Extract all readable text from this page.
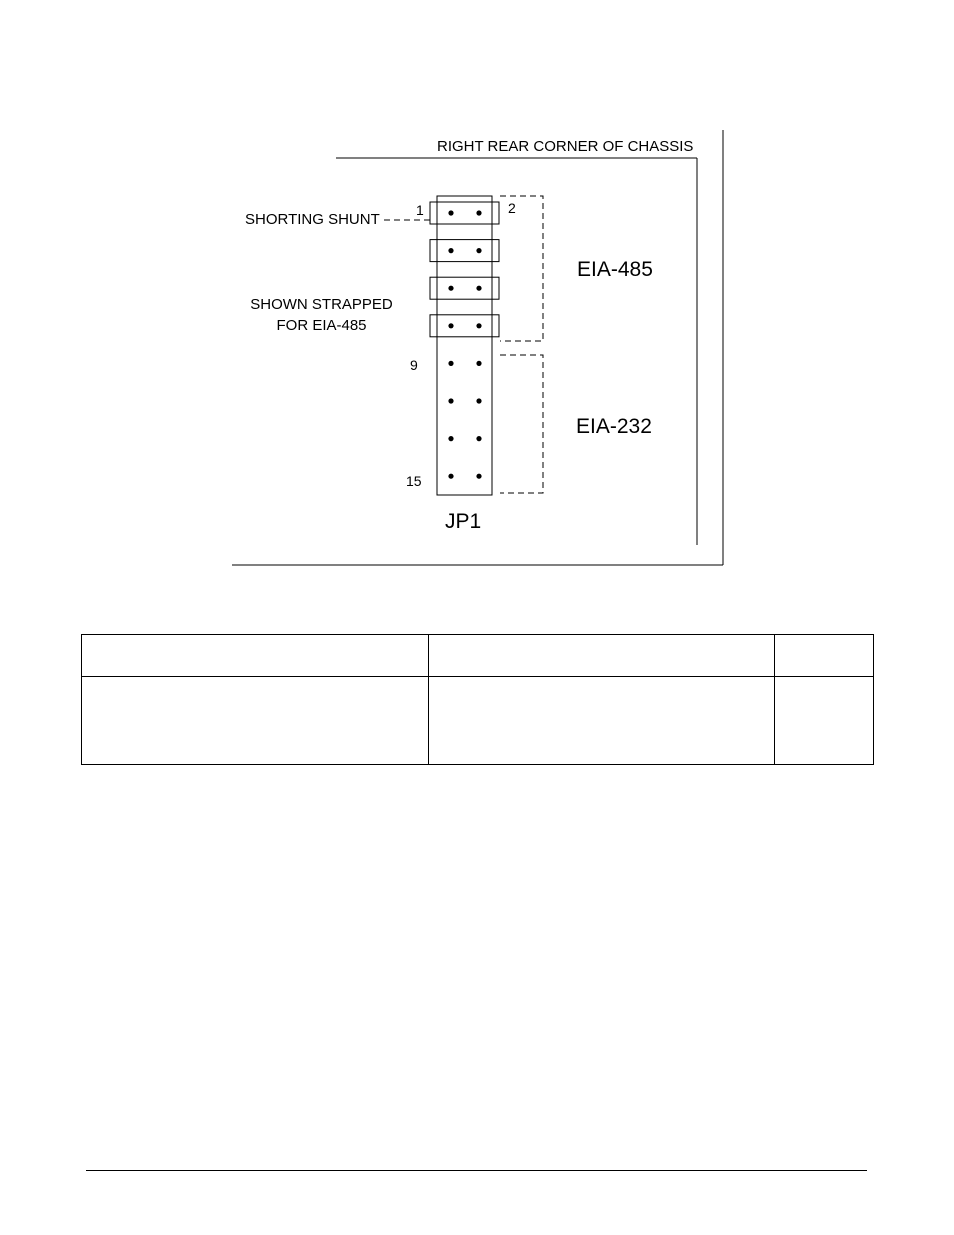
RIGHT REAR CORNER OF CHASSIS
SHORTING SHUNT
SHOWN STRAPPED
FOR EIA-485
1	2
9
15
EIA-485
EIA-232
JP1
